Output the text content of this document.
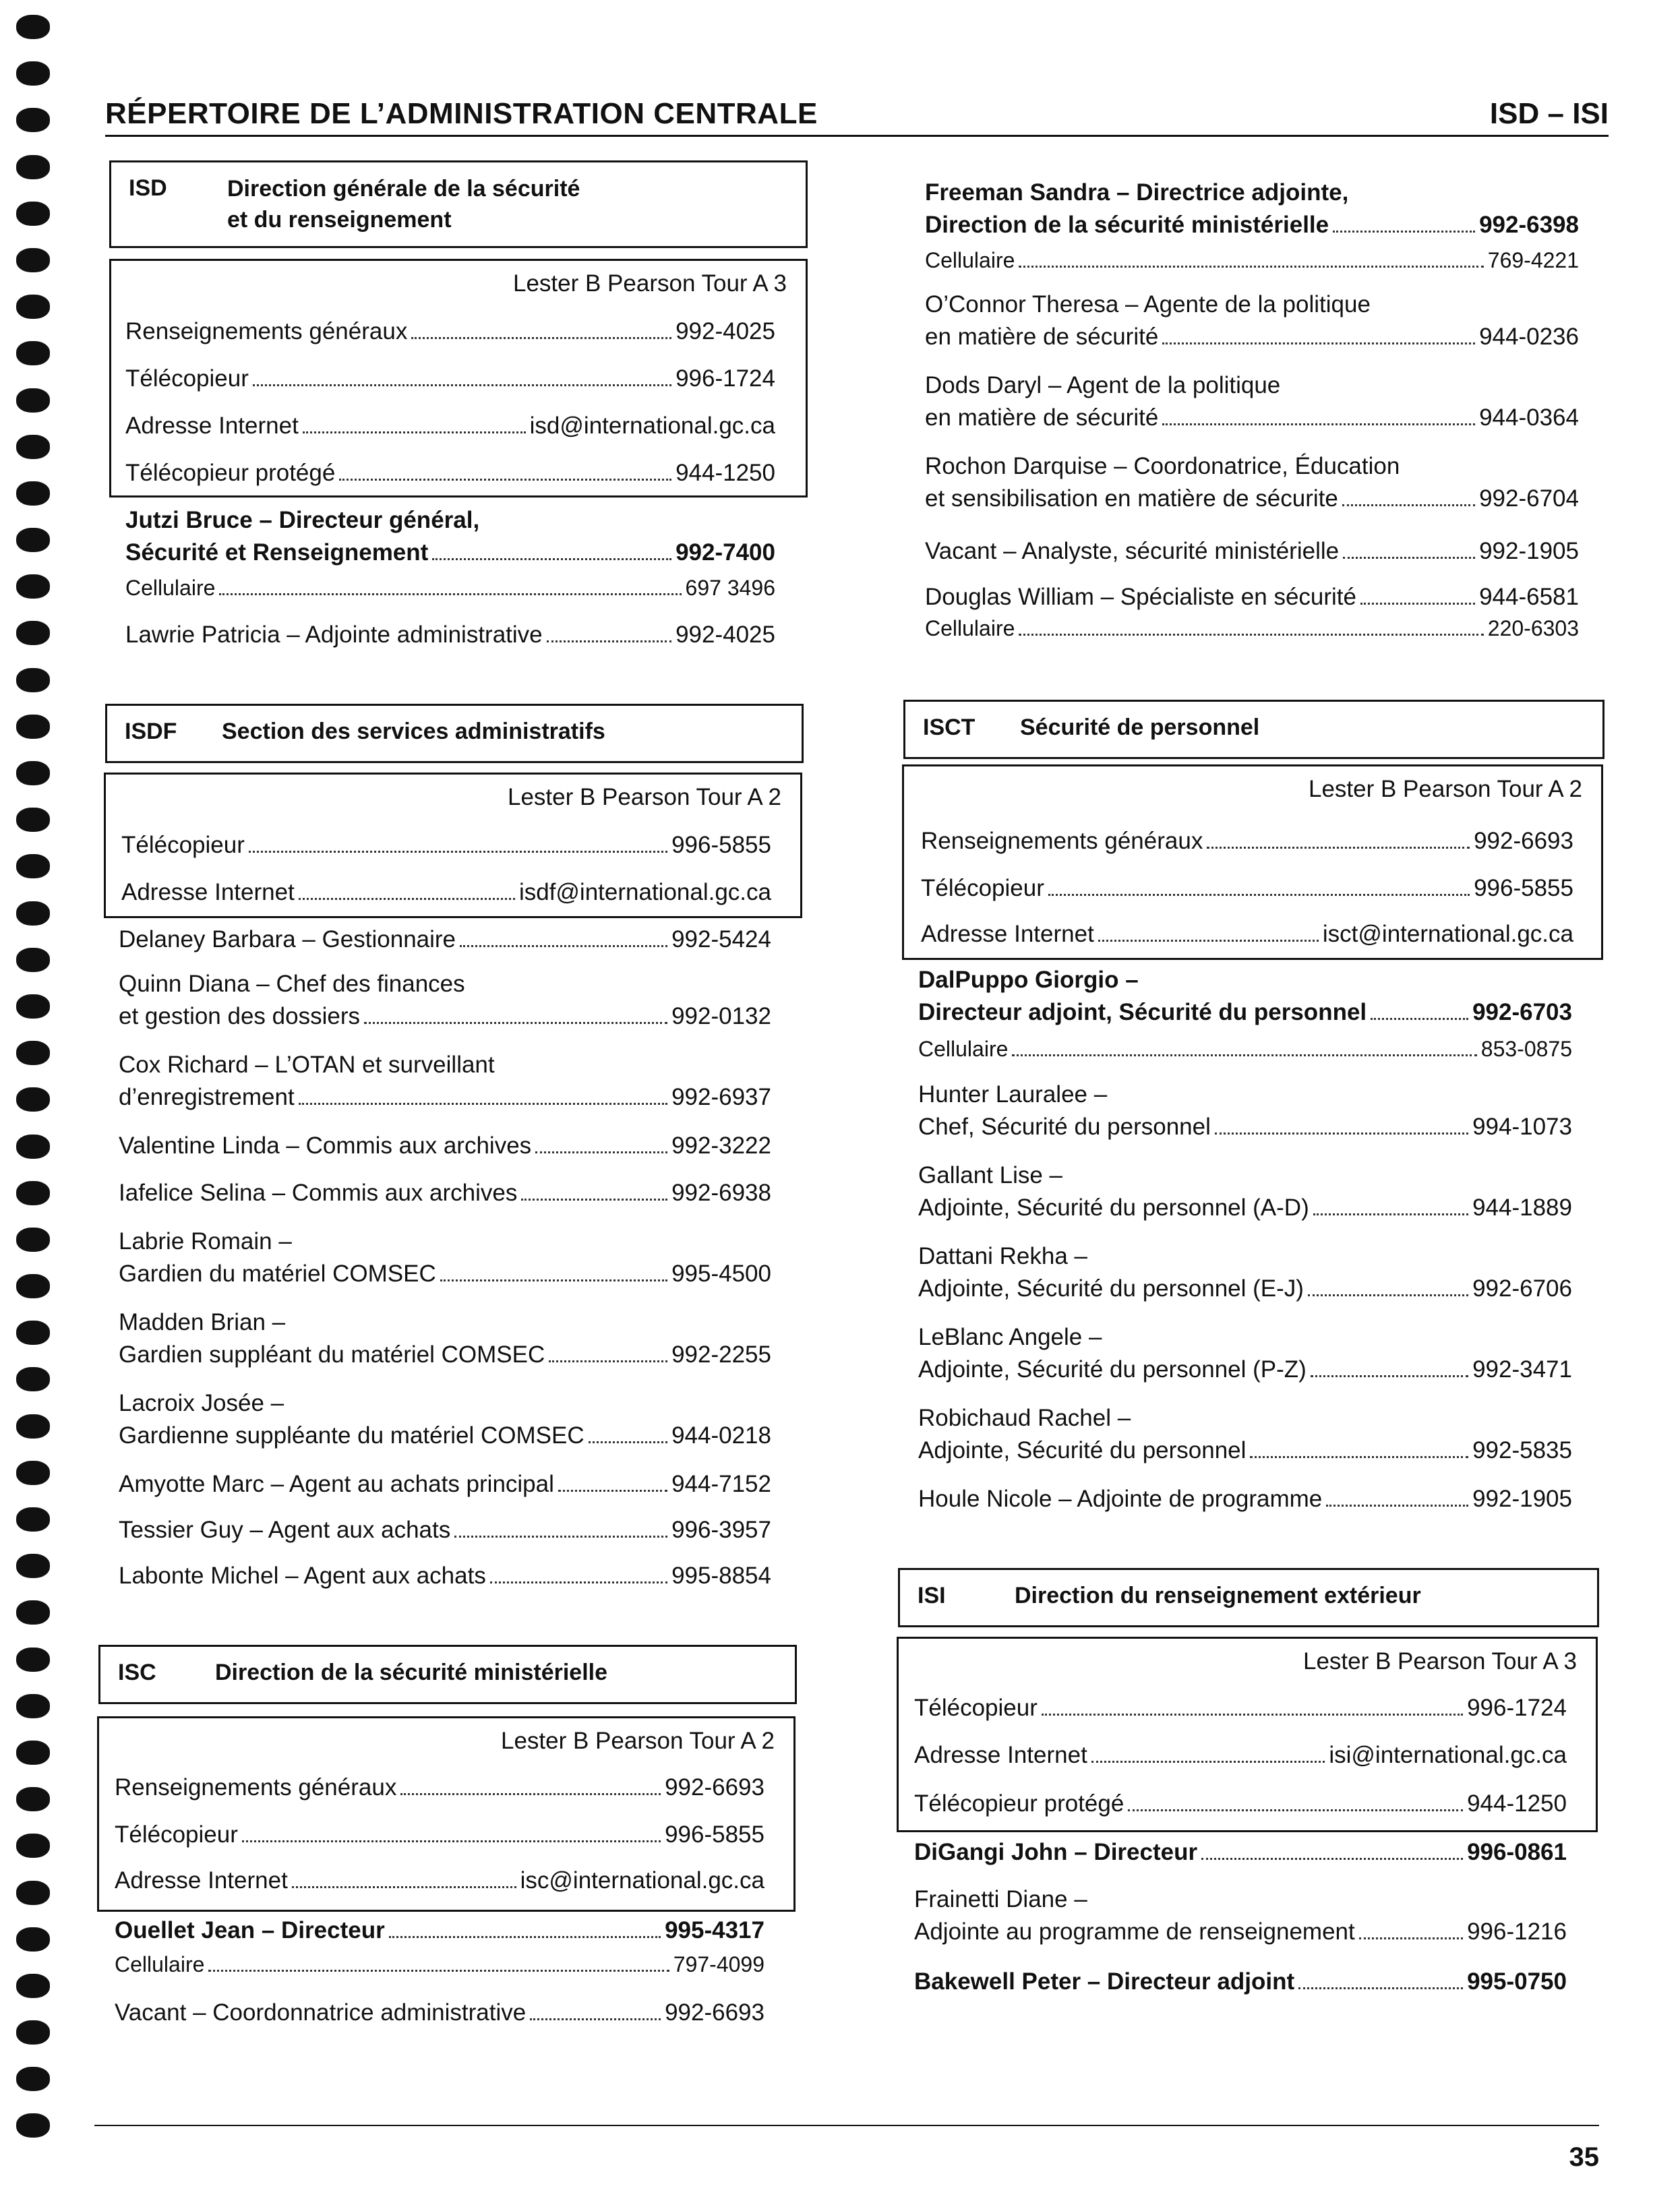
RÉPERTOIRE DE L’ADMINISTRATION CENTRALE	ISD – ISI
ISD	Direction générale de la sécurité
et du renseignement
Lester B Pearson Tour A 3
Renseignements généraux	992-4025
Télécopieur	996-1724
Adresse Internet	isd@international.gc.ca
Télécopieur protégé	944-1250
Jutzi Bruce – Directeur général,
Sécurité et Renseignement	992-7400
Cellulaire	697 3496
Lawrie Patricia – Adjointe administrative	992-4025
ISDF Section des services administratifs
Lester B Pearson Tour A 2
Télécopieur	996-5855
Adresse Internet	isdf@international.gc.ca
Delaney Barbara – Gestionnaire	992-5424
Quinn Diana – Chef des finances
et gestion des dossiers	992-0132
Cox Richard – L’OTAN et surveillant
d’enregistrement	992-6937
Valentine Linda – Commis aux archives	992-3222
Iafelice Selina – Commis aux archives	992-6938
Labrie Romain –
Gardien du matériel COMSEC	995-4500
Madden Brian –
Gardien suppléant du matériel COMSEC	992-2255
Lacroix Josée –
Gardienne suppléante du matériel COMSEC	944-0218
Amyotte Marc – Agent au achats principal	944-7152
Tessier Guy – Agent aux achats	996-3957
Labonte Michel – Agent aux achats	995-8854
ISC	Direction de la sécurité ministérielle
Lester B Pearson Tour A 2
Renseignements généraux	992-6693
Télécopieur	996-5855
Adresse Internet	isc@international.gc.ca
Ouellet Jean – Directeur	995-4317
Cellulaire	797-4099
Vacant – Coordonnatrice administrative	992-6693
Freeman Sandra – Directrice adjointe,
Direction de la sécurité ministérielle	992-6398
Cellulaire	769-4221
O’Connor Theresa – Agente de la politique
en matière de sécurité	944-0236
Dods Daryl – Agent de la politique
en matière de sécurité	944-0364
Rochon Darquise – Coordonatrice, Éducation
et sensibilisation en matière de sécurite	992-6704
Vacant – Analyste, sécurité ministérielle	992-1905
Douglas William – Spécialiste en sécurité	944-6581
Cellulaire	220-6303
ISCT Sécurité de personnel
Lester B Pearson Tour A 2
Renseignements généraux	992-6693
Télécopieur	996-5855
Adresse Internet	isct@international.gc.ca
DalPuppo Giorgio –
Directeur adjoint, Sécurité du personnel	992-6703
Cellulaire	853-0875
Hunter Lauralee –
Chef, Sécurité du personnel	994-1073
Gallant Lise –
Adjointe, Sécurité du personnel (A-D)	944-1889
Dattani Rekha –
Adjointe, Sécurité du personnel (E-J)	992-6706
LeBlanc Angele –
Adjointe, Sécurité du personnel (P-Z)	992-3471
Robichaud Rachel –
Adjointe, Sécurité du personnel	992-5835
Houle Nicole – Adjointe de programme	992-1905
ISI	Direction du renseignement extérieur
Lester B Pearson Tour A 3
Télécopieur	996-1724
Adresse Internet	isi@international.gc.ca
Télécopieur protégé	944-1250
DiGangi John – Directeur	996-0861
Frainetti Diane –
Adjointe au programme de renseignement	996-1216
Bakewell Peter – Directeur adjoint	995-0750
35
